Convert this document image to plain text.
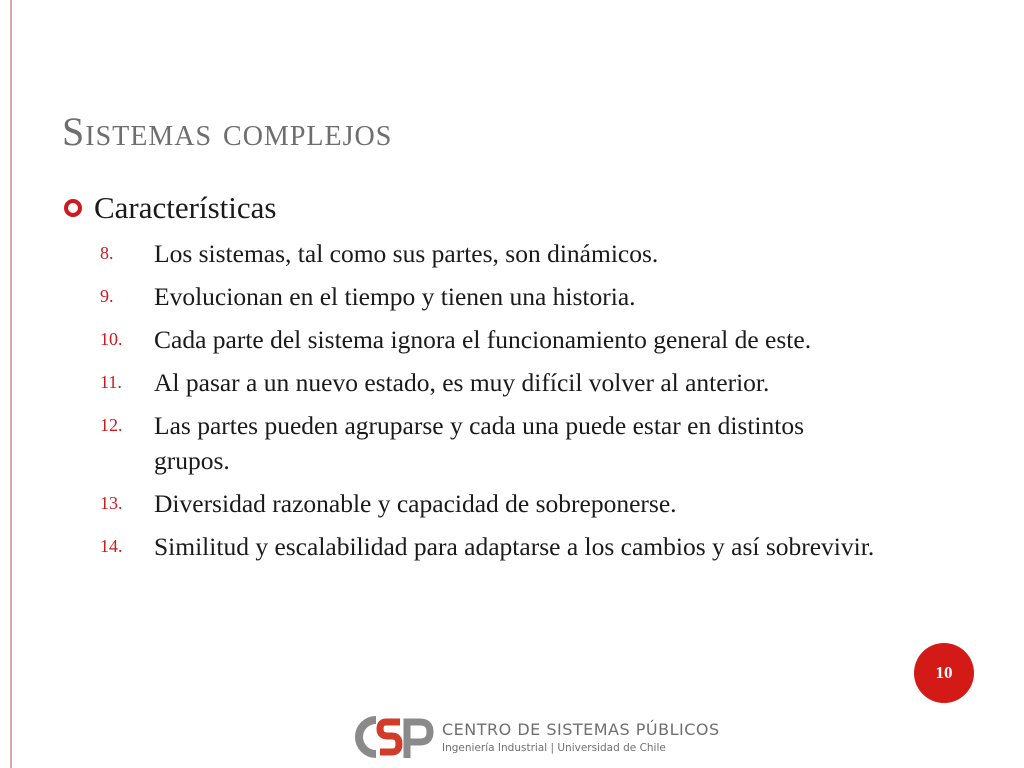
Sistemas complejos
Características
8.	Los sistemas, tal como sus partes, son dinámicos.
9.	Evolucionan en el tiempo y tienen una historia.
10.	Cada parte del sistema ignora el funcionamiento general de este.
11.	Al pasar a un nuevo estado, es muy difícil volver al anterior.
12.	Las partes pueden agruparse y cada una puede estar en distintos grupos.
13.	Diversidad razonable y capacidad de sobreponerse.
14.	Similitud y escalabilidad para adaptarse a los cambios y así sobrevivir.
10
CENTRO DE SISTEMAS PÚBLICOS
Ingeniería Industrial | Universidad de Chile
